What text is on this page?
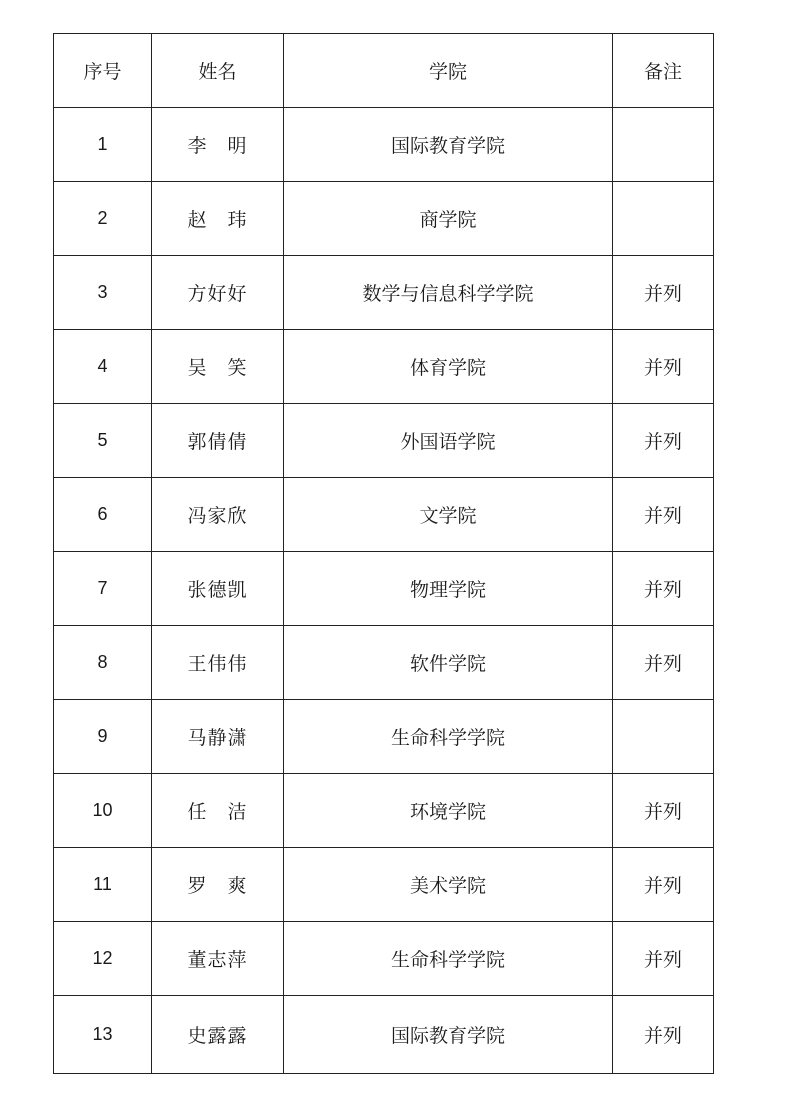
序号	姓名	学院	备注
1	李　明	国际教育学院	
2	赵　玮	商学院	
3	方好好	数学与信息科学学院	并列
4	吴　笑	体育学院	并列
5	郭倩倩	外国语学院	并列
6	冯家欣	文学院	并列
7	张德凯	物理学院	并列
8	王伟伟	软件学院	并列
9	马静潇	生命科学学院	
10	任　洁	环境学院	并列
11	罗　爽	美术学院	并列
12	董志萍	生命科学学院	并列
13	史露露	国际教育学院	并列
